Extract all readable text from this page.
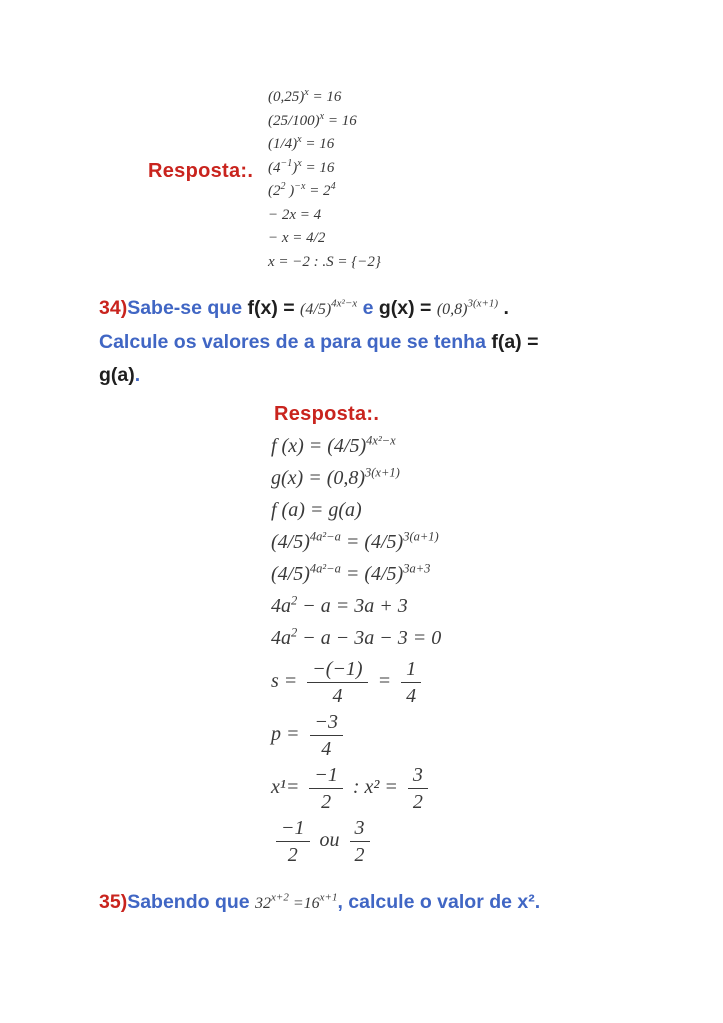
Resposta:.
$(0,25)^x = 16$
$(25/100)^x = 16$
$(1/4)^x = 16$
$(4^{-1})^x = 16$
($2^2$ )$^{-x} = 2^4$
− 2x = 4
− x = 4/2
x = −2 : .S = {−2}

34)Sabe-se que $f(x) = (4/5)^{4x^2-x}$ e $g(x) = (0,8)^{3(x+1)}$ .
Calcule os valores de a para que se tenha f(a) =
g(a).

Resposta:.
f $(x) = (4/5)^{4x^2-x}$
$g(x) = (0,8)^{3(x+1)}$
f (a) = g(a)
$(4/5)^{4a^2-a} = (4/5)^{3(a+1)}$
$(4/5)^{4a^2-a} = (4/5)^{3a+3}$
$4a^2 - a = 3a + 3$
$4a^2 - a - 3a - 3 = 0$
$s = \frac{-(-1)}{4} = \frac{1}{4}$
$p = \frac{-3}{4}$
$x^1= \frac{-1}{2}$ : $x^2 = \frac{3}{2}$
$\frac{-1}{2}$ ou $\frac{3}{2}$

35)Sabendo que $32^{x+2} =16^{x+1}$, calcule o valor de x².
